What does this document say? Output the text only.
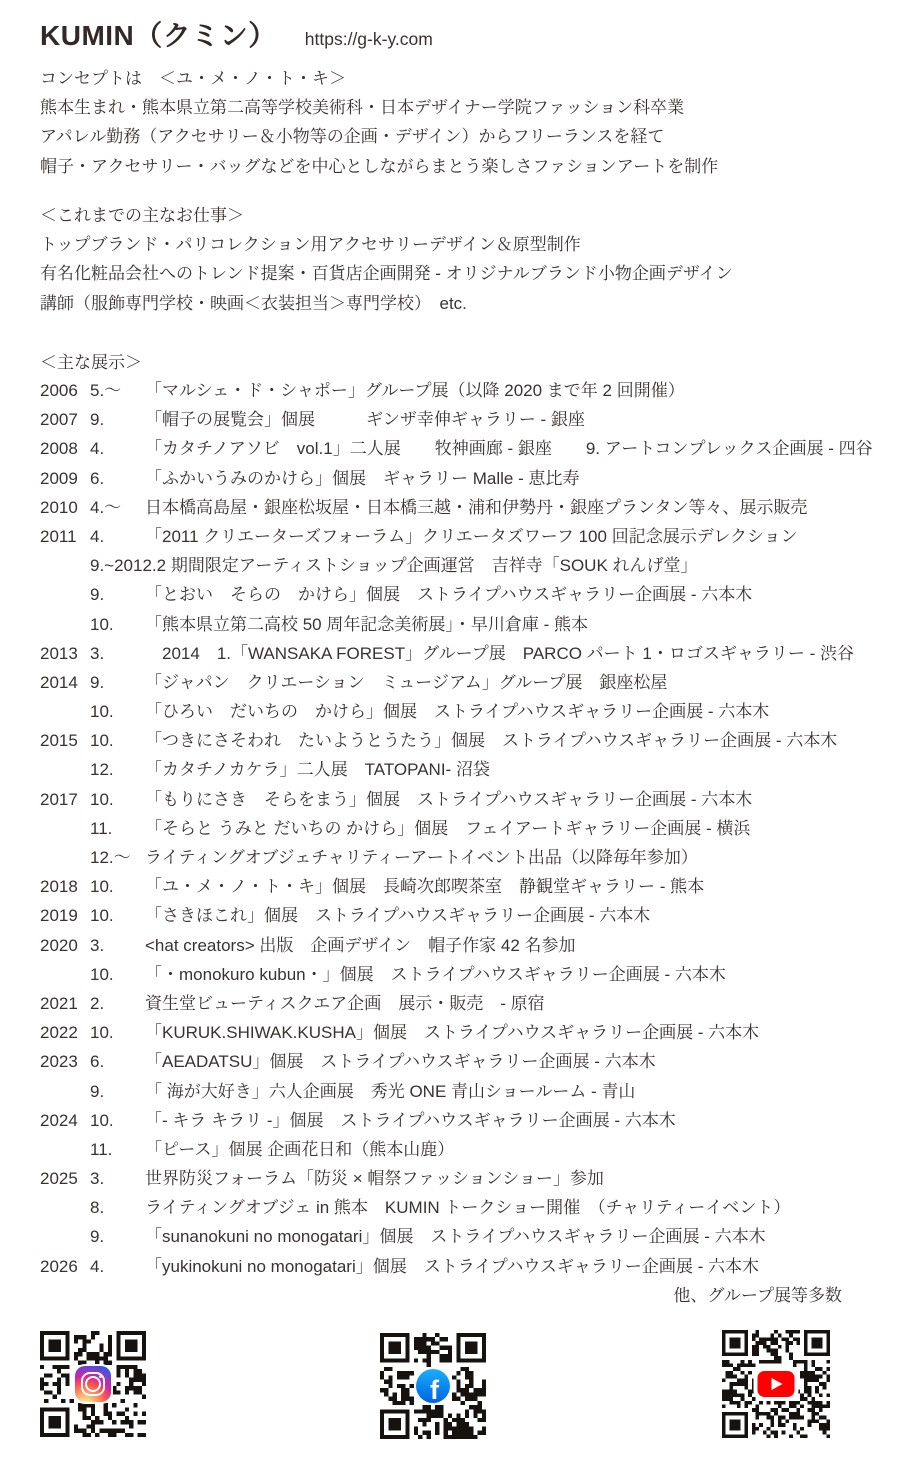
KUMIN（クミン） https://g-k-y.com
コンセプトは　＜ユ・メ・ノ・ト・キ＞
熊本生まれ・熊本県立第二高等学校美術科・日本デザイナー学院ファッション科卒業
アパレル勤務（アクセサリー＆小物等の企画・デザイン）からフリーランスを経て
帽子・アクセサリー・バッグなどを中心としながらまとう楽しさファションアートを制作
＜これまでの主なお仕事＞
トップブランド・パリコレクション用アクセサリーデザイン＆原型制作
有名化粧品会社へのトレンド提案・百貨店企画開発 - オリジナルブランド小物企画デザイン
講師（服飾専門学校・映画＜衣装担当＞専門学校）　etc.
＜主な展示＞
2006 5.～	「マルシェ・ド・シャポー」グループ展（以降 2020 まで年 2 回開催）
2007 9.	「帽子の展覧会」個展　　　ギンザ幸伸ギャラリー - 銀座
2008 4.	「カタチノアソビ　vol.1」二人展　　牧神画廊 - 銀座　　9. アートコンプレックス企画展 - 四谷
2009 6.	「ふかいうみのかけら」個展　ギャラリー Malle - 恵比寿
2010 4.～	日本橋高島屋・銀座松坂屋・日本橋三越・浦和伊勢丹・銀座プランタン等々、展示販売
2011 4.	「2011 クリエーターズフォーラム」クリエータズワーフ 100 回記念展示デレクション
9.~2012.2 期間限定アーティストショップ企画運営　吉祥寺「SOUK れんげ堂」
9.	「とおい　そらの　かけら」個展　ストライプハウスギャラリー企画展 - 六本木
10.	「熊本県立第二高校 50 周年記念美術展」・早川倉庫 - 熊本
2013 3.	　2014　1.「WANSAKA FOREST」グループ展　PARCO パート 1・ロゴスギャラリー - 渋谷
2014 9.	「ジャパン　クリエーション　ミュージアム」グループ展　銀座松屋
10.	「ひろい　だいちの　かけら」個展　ストライプハウスギャラリー企画展 - 六本木
2015 10.	「つきにさそわれ　たいようとうたう」個展　ストライプハウスギャラリー企画展 - 六本木
12.	「カタチノカケラ」二人展　TATOPANI- 沼袋
2017 10.	「もりにさき　そらをまう」個展　ストライプハウスギャラリー企画展 - 六本木
11.	「そらと うみと だいちの かけら」個展　フェイアートギャラリー企画展 - 横浜
12.～ ライティングオブジェチャリティーアートイベント出品（以降毎年参加）
2018 10.	「ユ・メ・ノ・ト・キ」個展　長崎次郎喫茶室　静観堂ギャラリー - 熊本
2019 10.	「さきほこれ」個展　ストライプハウスギャラリー企画展 - 六本木
2020 3.	<hat creators> 出版　企画デザイン　帽子作家 42 名参加
10.	「・monokuro kubun・」個展　ストライプハウスギャラリー企画展 - 六本木
2021 2.	資生堂ビューティスクエア企画　展示・販売　- 原宿
2022 10.	「KURUK.SHIWAK.KUSHA」個展　ストライプハウスギャラリー企画展 - 六本木
2023 6.	「AEADATSU」個展　ストライプハウスギャラリー企画展 - 六本木
9.	「 海が大好き」六人企画展　秀光 ONE 青山ショールーム - 青山
2024 10.	「- キラ キラリ -」個展　ストライプハウスギャラリー企画展 - 六本木
11.	「ピース」個展 企画花日和（熊本山鹿）
2025 3.	世界防災フォーラム「防災 × 帽祭ファッションショー」参加
8.	ライティングオブジェ in 熊本　KUMIN トークショー開催　（チャリティーイベント）
9.	「sunanokuni no monogatari」個展　ストライプハウスギャラリー企画展 - 六本木
2026 4.	「yukinokuni no monogatari」個展　ストライプハウスギャラリー企画展 - 六本木
他、グループ展等多数
f
